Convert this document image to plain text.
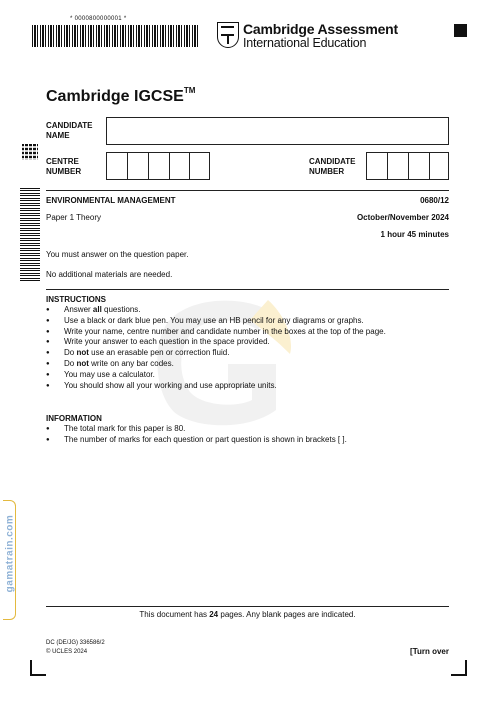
* 0000800000001 *
Cambridge Assessment
International Education
Cambridge IGCSE™
CANDIDATE
NAME
CENTRE
NUMBER
CANDIDATE
NUMBER
ENVIRONMENTAL MANAGEMENT	0680/12
Paper 1 Theory	October/November 2024
1 hour 45 minutes
You must answer on the question paper.
No additional materials are needed.
INSTRUCTIONS
● Answer all questions.
● Use a black or dark blue pen. You may use an HB pencil for any diagrams or graphs.
● Write your name, centre number and candidate number in the boxes at the top of the page.
● Write your answer to each question in the space provided.
● Do not use an erasable pen or correction fluid.
● Do not write on any bar codes.
● You may use a calculator.
● You should show all your working and use appropriate units.
INFORMATION
● The total mark for this paper is 80.
● The number of marks for each question or part question is shown in brackets [ ].
gamatrain.com
This document has 24 pages. Any blank pages are indicated.
DC (DE/JG) 336586/2
© UCLES 2024	[Turn over
